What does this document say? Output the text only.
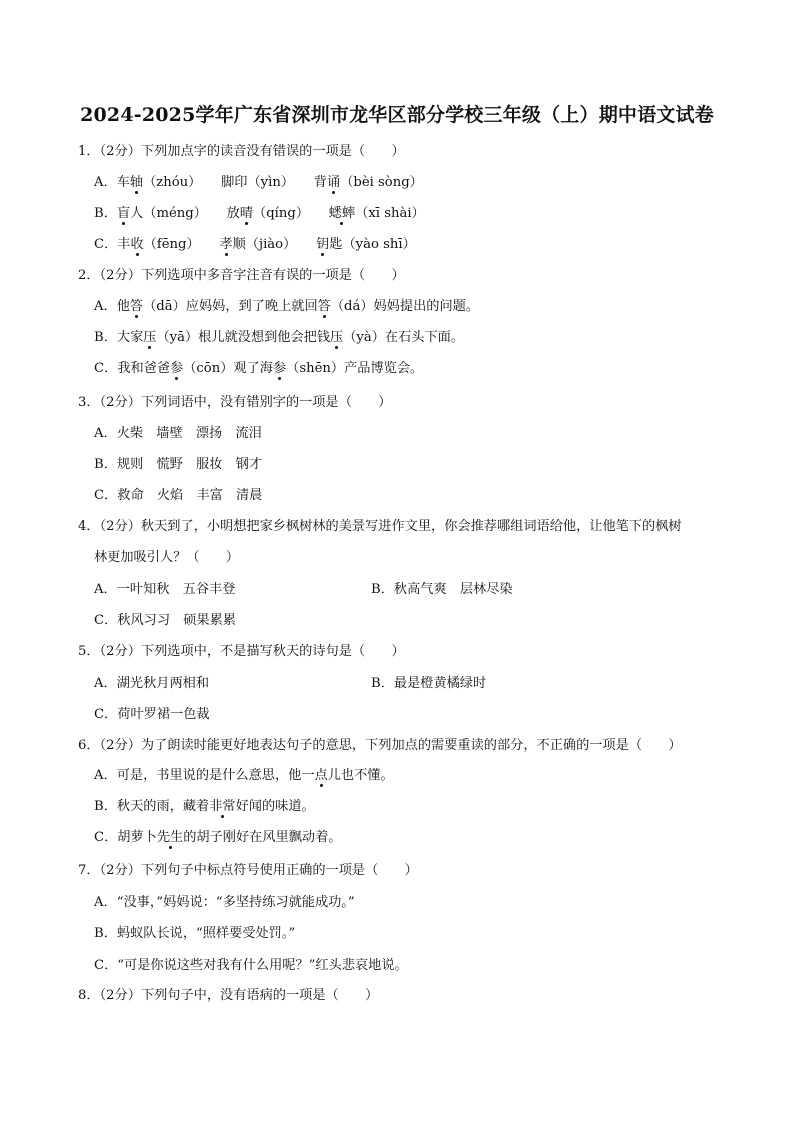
2024-2025学年广东省深圳市龙华区部分学校三年级（上）期中语文试卷
1．（2分）下列加点字的读音没有错误的一项是（　　）
A．车轴（zhóu）　　脚印（yìn）　　背诵（bèi sòng）
B．盲人（méng）　　放晴（qíng）　　蟋蟀（xī shài）
C．丰收（fēng）　　孝顺（jiào）　　钥匙（yào shī）
2．（2分）下列选项中多音字注音有误的一项是（　　）
A．他答（dā）应妈妈，到了晚上就回答（dá）妈妈提出的问题。
B．大家压（yā）根儿就没想到他会把钱压（yà）在石头下面。
C．我和爸爸参（cōn）观了海参（shēn）产品博览会。
3．（2分）下列词语中，没有错别字的一项是（　　）
A．火柴　墙壁　漂扬　流泪
B．规则　慌野　服妆　钢才
C．救命　火焰　丰富　清晨
4．（2分）秋天到了，小明想把家乡枫树林的美景写进作文里，你会推荐哪组词语给他，让他笔下的枫树
林更加吸引人？（　　）
A．一叶知秋　五谷丰登	B．秋高气爽　层林尽染
C．秋风习习　硕果累累
5．（2分）下列选项中，不是描写秋天的诗句是（　　）
A．湖光秋月两相和	B．最是橙黄橘绿时
C．荷叶罗裙一色裁
6．（2分）为了朗读时能更好地表达句子的意思，下列加点的需要重读的部分，不正确的一项是（　　）
A．可是，书里说的是什么意思，他一点儿也不懂。
B．秋天的雨，藏着非常好闻的味道。
C．胡萝卜先生的胡子刚好在风里飘动着。
7．（2分）下列句子中标点符号使用正确的一项是（　　）
A．“没事，”妈妈说：“多坚持练习就能成功。”
B．蚂蚁队长说，“照样要受处罚。”
C．“可是你说这些对我有什么用呢？”红头悲哀地说。
8．（2分）下列句子中，没有语病的一项是（　　）
